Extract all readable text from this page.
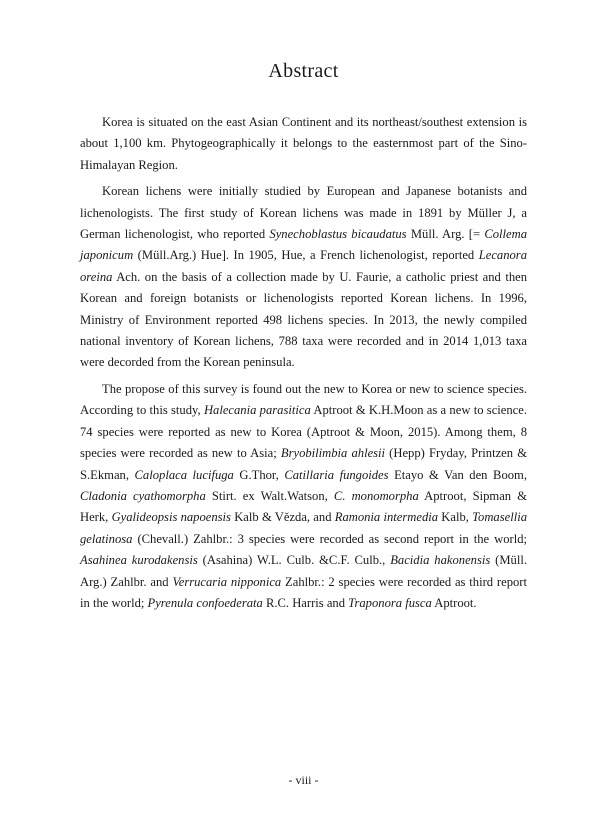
Abstract

Korea is situated on the east Asian Continent and its northeast/southest extension is about 1,100 km. Phytogeographically it belongs to the easternmost part of the Sino-Himalayan Region.

Korean lichens were initially studied by European and Japanese botanists and lichenologists. The first study of Korean lichens was made in 1891 by Müller J, a German lichenologist, who reported Synechoblastus bicaudatus Müll. Arg. [= Collema japonicum (Müll.Arg.) Hue]. In 1905, Hue, a French lichenologist, reported Lecanora oreina Ach. on the basis of a collection made by U. Faurie, a catholic priest and then Korean and foreign botanists or lichenologists reported Korean lichens. In 1996, Ministry of Environment reported 498 lichens species. In 2013, the newly compiled national inventory of Korean lichens, 788 taxa were recorded and in 2014 1,013 taxa were decorded from the Korean peninsula.

The propose of this survey is found out the new to Korea or new to science species. According to this study, Halecania parasitica Aptroot & K.H.Moon as a new to science. 74 species were reported as new to Korea (Aptroot & Moon, 2015). Among them, 8 species were recorded as new to Asia; Bryobilimbia ahlesii (Hepp) Fryday, Printzen & S.Ekman, Caloplaca lucifuga G.Thor, Catillaria fungoides Etayo & Van den Boom, Cladonia cyathomorpha Stirt. ex Walt.Watson, C. monomorpha Aptroot, Sipman & Herk, Gyalideopsis napoensis Kalb & Vězda, and Ramonia intermedia Kalb, Tomasellia gelatinosa (Chevall.) Zahlbr.: 3 species were recorded as second report in the world; Asahinea kurodakensis (Asahina) W.L. Culb. &C.F. Culb., Bacidia hakonensis (Müll. Arg.) Zahlbr. and Verrucaria nipponica Zahlbr.: 2 species were recorded as third report in the world; Pyrenula confoederata R.C. Harris and Traponora fusca Aptroot.

- viii -
